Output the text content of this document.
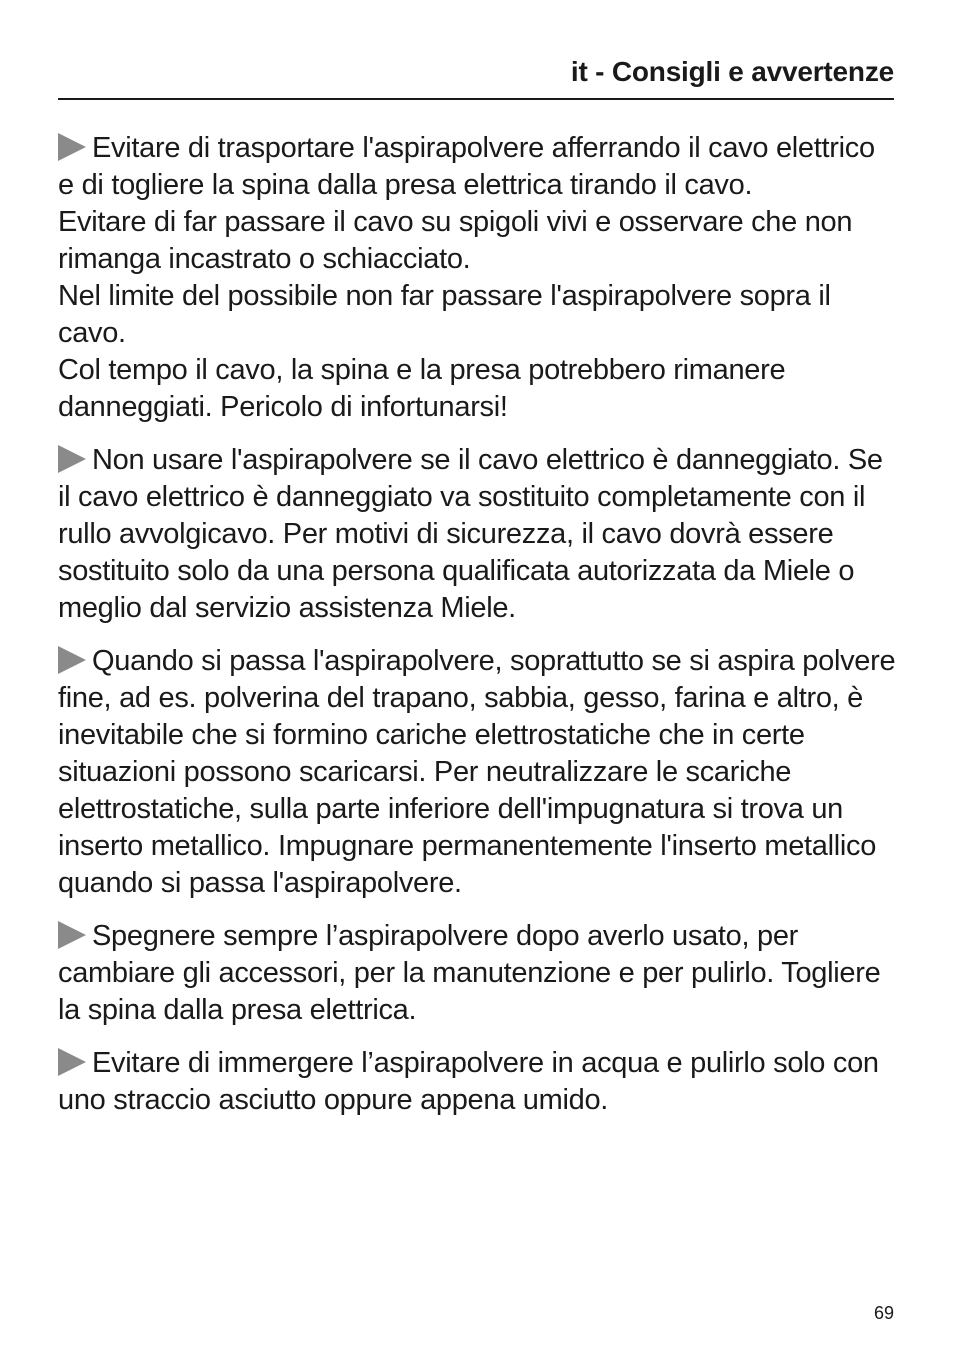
it - Consigli e avvertenze

Evitare di trasportare l'aspirapolvere afferrando il cavo elettrico e di togliere la spina dalla presa elettrica tirando il cavo.

Evitare di far passare il cavo su spigoli vivi e osservare che non rimanga incastrato o schiacciato.

Nel limite del possibile non far passare l'aspirapolvere sopra il cavo.

Col tempo il cavo, la spina e la presa potrebbero rimanere danneggiati. Pericolo di infortunarsi!

Non usare l'aspirapolvere se il cavo elettrico è danneggiato. Se il cavo elettrico è danneggiato va sostituito completamente con il rullo avvolgicavo. Per motivi di sicurezza, il cavo dovrà essere sostituito solo da una persona qualificata autorizzata da Miele o meglio dal servizio assistenza Miele.

Quando si passa l'aspirapolvere, soprattutto se si aspira polvere fine, ad es. polverina del trapano, sabbia, gesso, farina e altro, è inevitabile che si formino cariche elettrostatiche che in certe situazioni possono scaricarsi. Per neutralizzare le scariche elettrostatiche, sulla parte inferiore dell'impugnatura si trova un inserto metallico. Impugnare permanentemente l'inserto metallico quando si passa l'aspirapolvere.

Spegnere sempre l’aspirapolvere dopo averlo usato, per cambiare gli accessori, per la manutenzione e per pulirlo. Togliere la spina dalla presa elettrica.

Evitare di immergere l’aspirapolvere in acqua e pulirlo solo con uno straccio asciutto oppure appena umido.

69
